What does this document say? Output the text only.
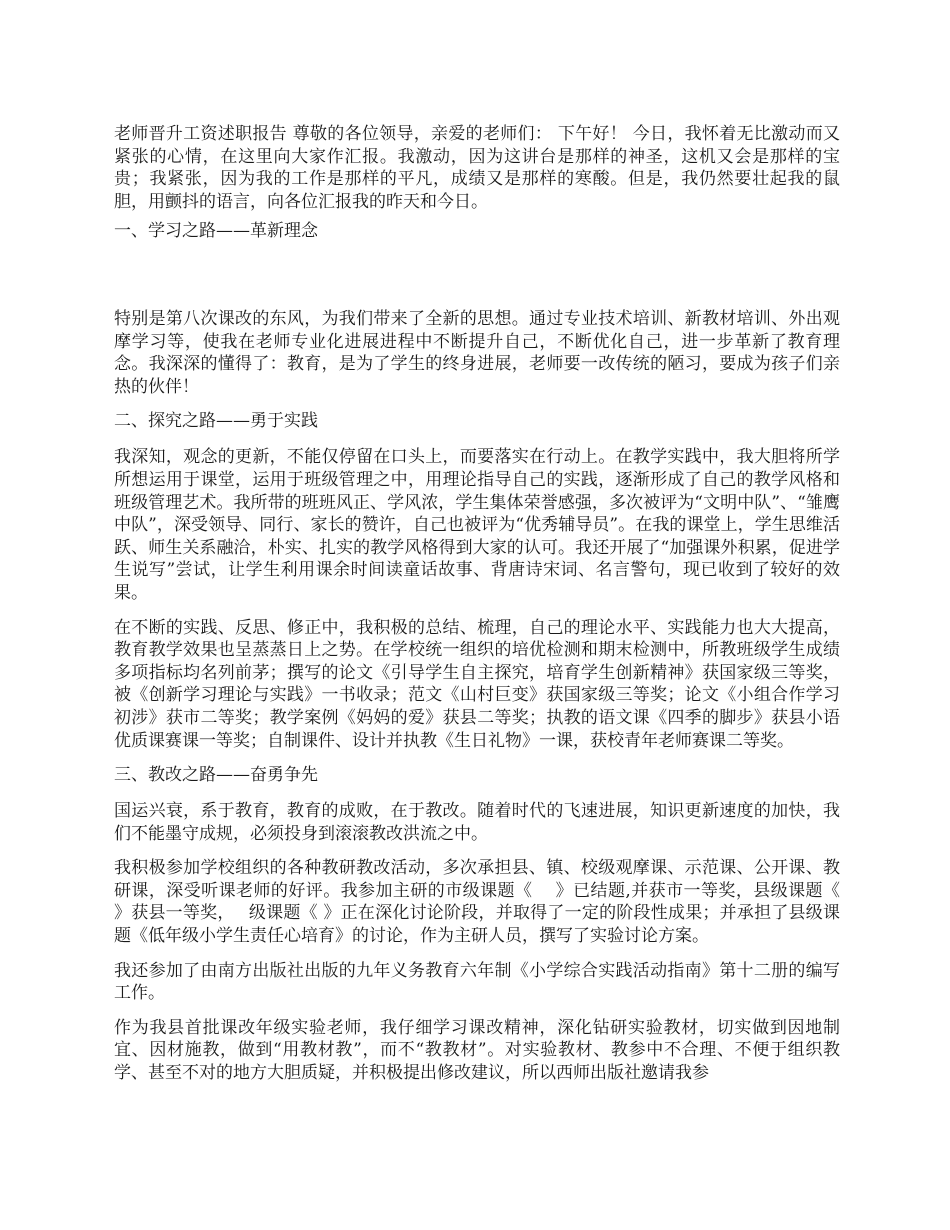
老师晋升工资述职报告 尊敬的各位领导，亲爱的老师们： 下午好！ 今日，我怀着无比激动而又紧张的心情，在这里向大家作汇报。我激动，因为这讲台是那样的神圣，这机又会是那样的宝贵；我紧张，因为我的工作是那样的平凡，成绩又是那样的寒酸。但是，我仍然要壮起我的鼠胆，用颤抖的语言，向各位汇报我的昨天和今日。

一、学习之路——革新理念

特别是第八次课改的东风，为我们带来了全新的思想。通过专业技术培训、新教材培训、外出观摩学习等，使我在老师专业化进展进程中不断提升自己，不断优化自己，进一步革新了教育理念。我深深的懂得了：教育，是为了学生的终身进展，老师要一改传统的陋习，要成为孩子们亲热的伙伴！

二、探究之路——勇于实践

我深知，观念的更新，不能仅停留在口头上，而要落实在行动上。在教学实践中，我大胆将所学所想运用于课堂，运用于班级管理之中，用理论指导自己的实践，逐渐形成了自己的教学风格和班级管理艺术。我所带的班班风正、学风浓，学生集体荣誉感强，多次被评为“文明中队”、“雏鹰中队”，深受领导、同行、家长的赞许，自己也被评为“优秀辅导员”。在我的课堂上，学生思维活跃、师生关系融洽，朴实、扎实的教学风格得到大家的认可。我还开展了“加强课外积累，促进学生说写”尝试，让学生利用课余时间读童话故事、背唐诗宋词、名言警句，现已收到了较好的效果。

在不断的实践、反思、修正中，我积极的总结、梳理，自己的理论水平、实践能力也大大提高，教育教学效果也呈蒸蒸日上之势。在学校统一组织的培优检测和期末检测中，所教班级学生成绩多项指标均名列前茅；撰写的论文《引导学生自主探究，培育学生创新精神》获国家级三等奖，被《创新学习理论与实践》一书收录；范文《山村巨变》获国家级三等奖；论文《小组合作学习初涉》获市二等奖；教学案例《妈妈的爱》获县二等奖；执教的语文课《四季的脚步》获县小语优质课赛课一等奖；自制课件、设计并执教《生日礼物》一课，获校青年老师赛课二等奖。

三、教改之路——奋勇争先

国运兴衰，系于教育，教育的成败，在于教改。随着时代的飞速进展，知识更新速度的加快，我们不能墨守成规，必须投身到滚滚教改洪流之中。

我积极参加学校组织的各种教研教改活动，多次承担县、镇、校级观摩课、示范课、公开课、教研课，深受听课老师的好评。我参加主研的市级课题《　 》已结题,并获市一等奖，县级课题《　　 》获县一等奖，　 级课题《 》正在深化讨论阶段，并取得了一定的阶段性成果；并承担了县级课题《低年级小学生责任心培育》的讨论，作为主研人员，撰写了实验讨论方案。

我还参加了由南方出版社出版的九年义务教育六年制《小学综合实践活动指南》第十二册的编写工作。

作为我县首批课改年级实验老师，我仔细学习课改精神，深化钻研实验教材，切实做到因地制宜、因材施教，做到“用教材教”，而不“教教材”。对实验教材、教参中不合理、不便于组织教学、甚至不对的地方大胆质疑，并积极提出修改建议，所以西师出版社邀请我参
